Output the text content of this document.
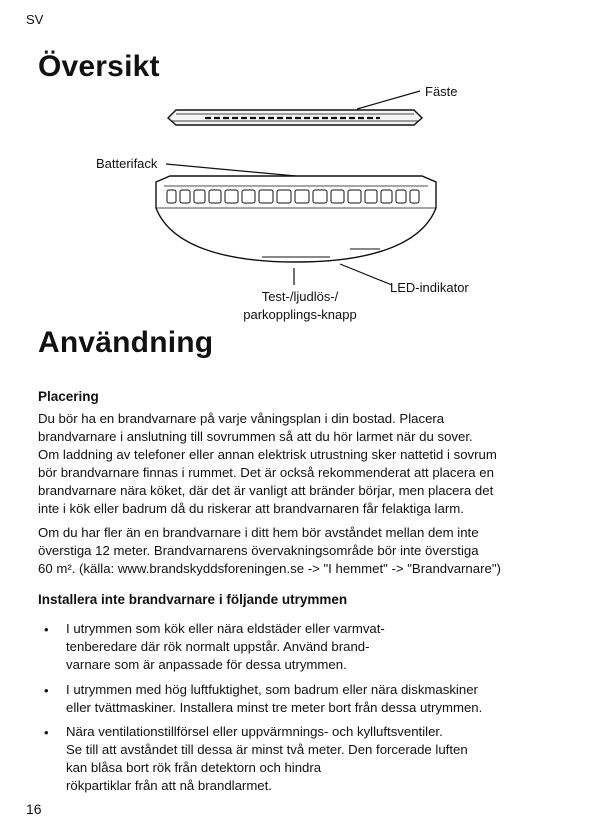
SV
Översikt
Fäste
Batterifack
LED-indikator
Test-/ljudlös-/
parkopplings-knapp
Användning
Placering
Du bör ha en brandvarnare på varje våningsplan i din bostad. Placera
brandvarnare i anslutning till sovrummen så att du hör larmet när du sover.
Om laddning av telefoner eller annan elektrisk utrustning sker nattetid i sovrum
bör brandvarnare finnas i rummet. Det är också rekommenderat att placera en
brandvarnare nära köket, där det är vanligt att bränder börjar, men placera det
inte i kök eller badrum då du riskerar att brandvarnaren får felaktiga larm.
Om du har fler än en brandvarnare i ditt hem bör avståndet mellan dem inte
överstiga 12 meter. Brandvarnarens övervakningsområde bör inte överstiga
60 m². (källa: www.brandskyddsforeningen.se -> "I hemmet" -> "Brandvarnare")
Installera inte brandvarnare i följande utrymmen
• I utrymmen som kök eller nära eldstäder eller varmvat-
tenberedare där rök normalt uppstår. Använd brand-
varnare som är anpassade för dessa utrymmen.
• I utrymmen med hög luftfuktighet, som badrum eller nära diskmaskiner
eller tvättmaskiner. Installera minst tre meter bort från dessa utrymmen.
• Nära ventilationstillförsel eller uppvärmnings- och kylluftsventiler.
Se till att avståndet till dessa är minst två meter. Den forcerade luften
kan blåsa bort rök från detektorn och hindra
rökpartiklar från att nå brandlarmet.
16
